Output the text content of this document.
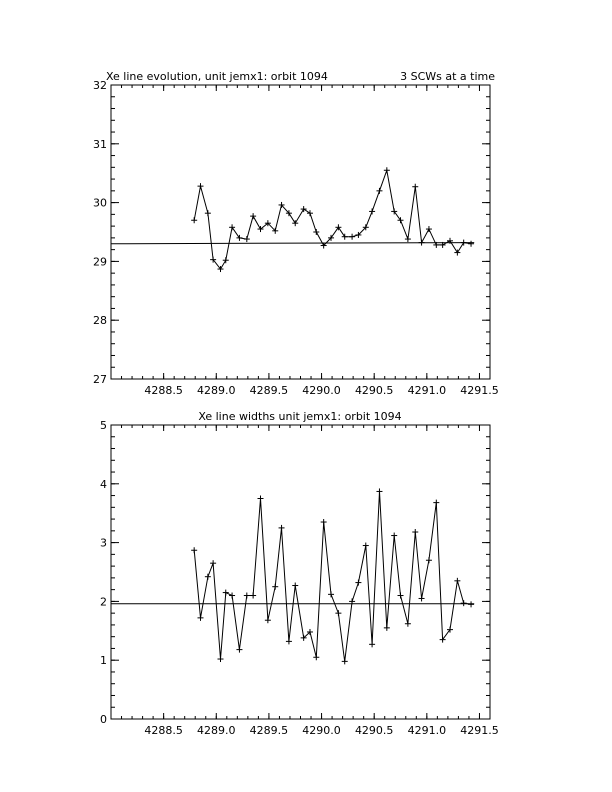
Xe line evolution, unit jemx1: orbit 1094	3 SCWs at a time
4288.5 4289.0 4289.5 4290.0 4290.5 4291.0 4291.5
27
28
29
30
31
32
Xe line widths unit jemx1: orbit 1094
4288.5 4289.0 4289.5 4290.0 4290.5 4291.0 4291.5
0
1
2
3
4
5
